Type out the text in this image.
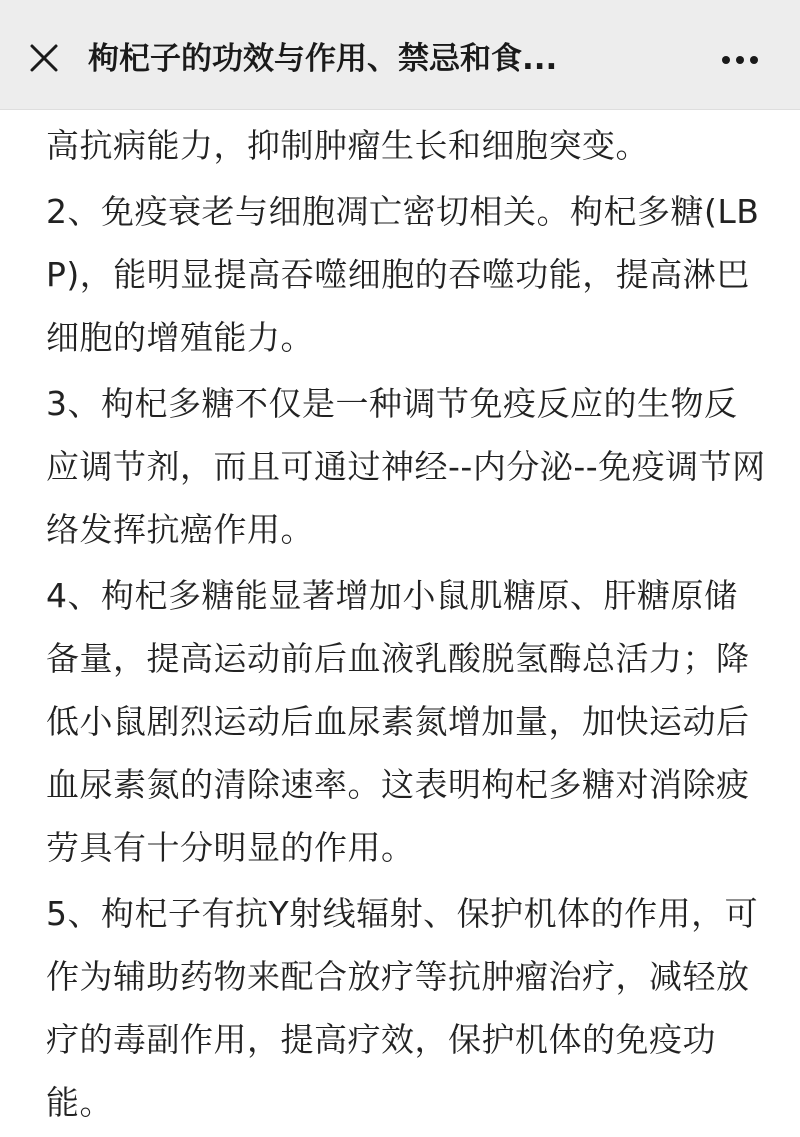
枸杞子的功效与作用、禁忌和食...

高抗病能力，抑制肿瘤生长和细胞突变。

2、免疫衰老与细胞凋亡密切相关。枸杞多糖(LBP)，能明显提高吞噬细胞的吞噬功能，提高淋巴细胞的增殖能力。

3、枸杞多糖不仅是一种调节免疫反应的生物反应调节剂，而且可通过神经--内分泌--免疫调节网络发挥抗癌作用。

4、枸杞多糖能显著增加小鼠肌糖原、肝糖原储备量，提高运动前后血液乳酸脱氢酶总活力；降低小鼠剧烈运动后血尿素氮增加量，加快运动后血尿素氮的清除速率。这表明枸杞多糖对消除疲劳具有十分明显的作用。

5、枸杞子有抗Y射线辐射、保护机体的作用，可作为辅助药物来配合放疗等抗肿瘤治疗，减轻放疗的毒副作用，提高疗效，保护机体的免疫功能。
